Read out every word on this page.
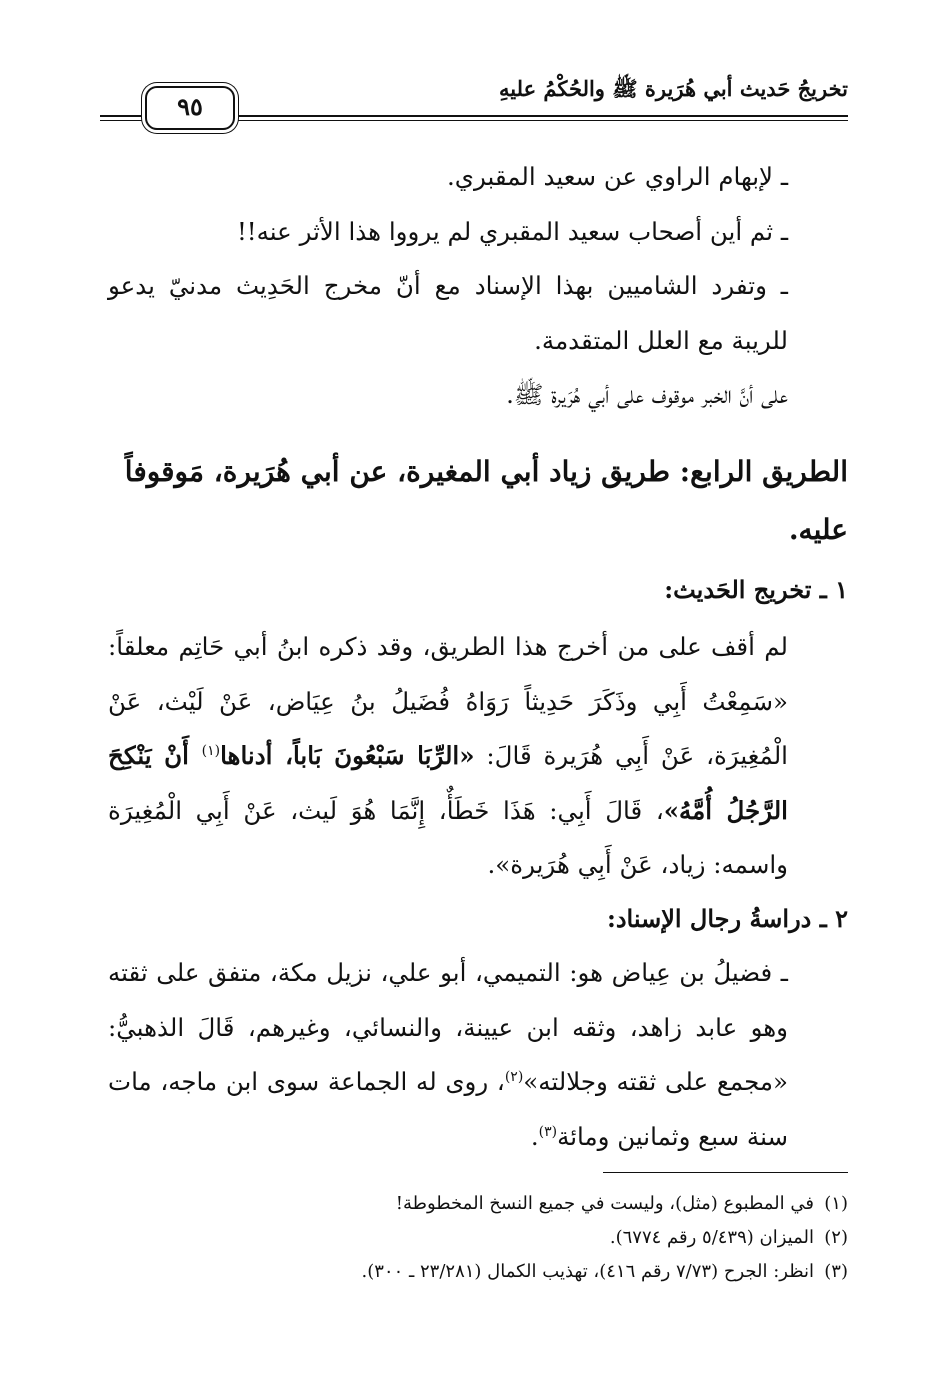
تخريجُ حَديث أبي هُرَيرة ﷺ والحُكْمُ عليهِ
٩٥
ـ لإبهام الراوي عن سعيد المقبري.
ـ ثم أين أصحاب سعيد المقبري لم يرووا هذا الأثر عنه!!
ـ وتفرد الشاميين بهذا الإسناد مع أنّ مخرج الحَدِيث مدنيّ يدعو للريبة مع العلل المتقدمة.
على أنَّ الخبر موقوف على أبي هُرَيرة ﷺ.
الطريق الرابع: طريق زياد أبي المغيرة، عن أبي هُرَيرة، مَوقوفاً عليه.
١ ـ تخريج الحَديث:
لم أقف على من أخرج هذا الطريق، وقد ذكره ابنُ أبي حَاتِم معلقاً: «سَمِعْتُ أَبِي وذَكَرَ حَدِيثاً رَوَاهُ فُضَيلُ بنُ عِيَاض، عَنْ لَيْث، عَنْ الْمُغِيرَة، عَنْ أَبِي هُرَيرة قَالَ: «الرِّبَا سَبْعُونَ بَاباً، أدناها$^{(١)}$ أَنْ يَنْكِحَ الرَّجُلُ أُمَّهُ»، قَالَ أَبِي: هَذَا خَطَأٌ، إِنَّمَا هُوَ لَيث، عَنْ أَبِي الْمُغِيرَة واسمه: زياد، عَنْ أَبِي هُرَيرة».
٢ ـ دراسةُ رجال الإسناد:
ـ فضيلُ بن عِياض هو: التميمي، أبو علي، نزيل مكة، متفق على ثقته وهو عابد زاهد، وثقه ابن عيينة، والنسائي، وغيرهم، قَالَ الذهبيُّ: «مجمع على ثقته وجلالته»$^{(٢)}$، روى له الجماعة سوى ابن ماجه، مات سنة سبع وثمانين ومائة$^{(٣)}$.
(١)في المطبوع (مثل)، وليست في جميع النسخ المخطوطة!
(٢)الميزان (٥/٤٣٩ رقم ٦٧٧٤).
(٣)انظر: الجرح (٧/٧٣ رقم ٤١٦)، تهذيب الكمال (٢٣/٢٨١ ـ ٣٠٠).
